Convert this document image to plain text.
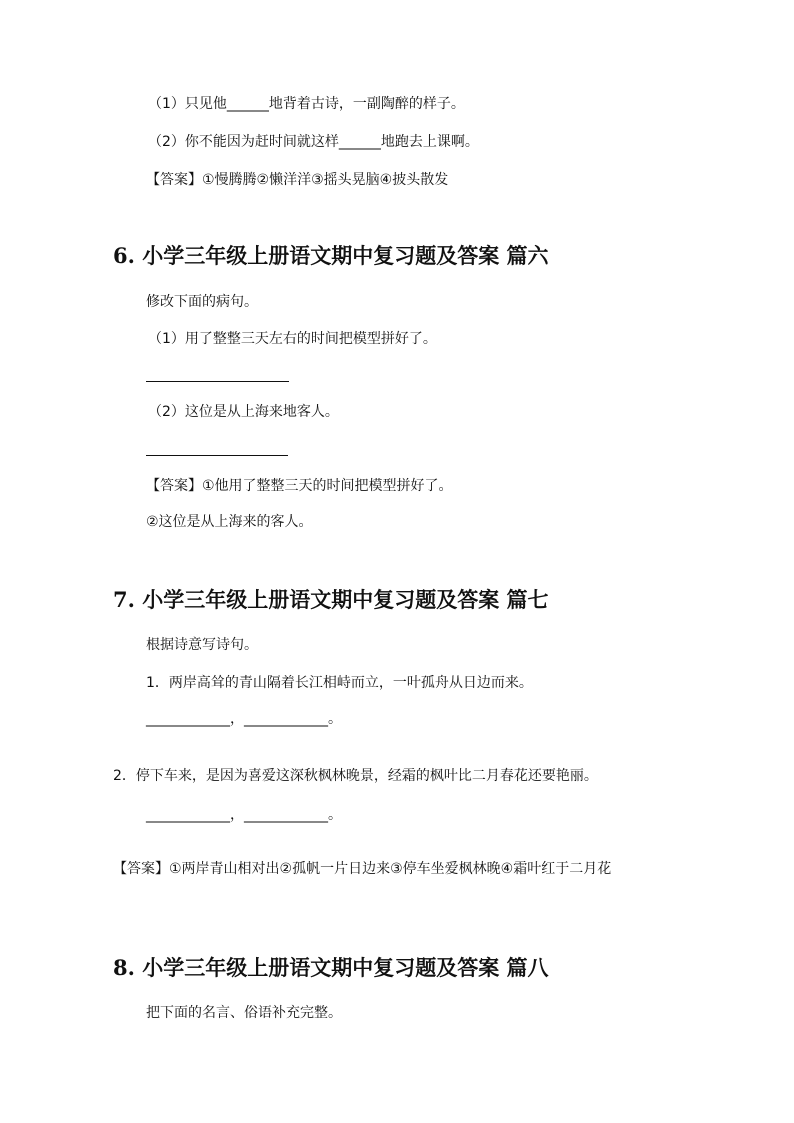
（1）只见他______地背着古诗，一副陶醉的样子。
（2）你不能因为赶时间就这样______地跑去上课啊。
【答案】①慢腾腾②懒洋洋③摇头晃脑④披头散发
6. 小学三年级上册语文期中复习题及答案 篇六
修改下面的病句。
（1）用了整整三天左右的时间把模型拼好了。
（2）这位是从上海来地客人。
【答案】①他用了整整三天的时间把模型拼好了。
②这位是从上海来的客人。
7. 小学三年级上册语文期中复习题及答案 篇七
根据诗意写诗句。
1．两岸高耸的青山隔着长江相峙而立，一叶孤舟从日边而来。
____________，____________。
2．停下车来，是因为喜爱这深秋枫林晚景，经霜的枫叶比二月春花还要艳丽。
____________，____________。
【答案】①两岸青山相对出②孤帆一片日边来③停车坐爱枫林晚④霜叶红于二月花
8. 小学三年级上册语文期中复习题及答案 篇八
把下面的名言、俗语补充完整。
